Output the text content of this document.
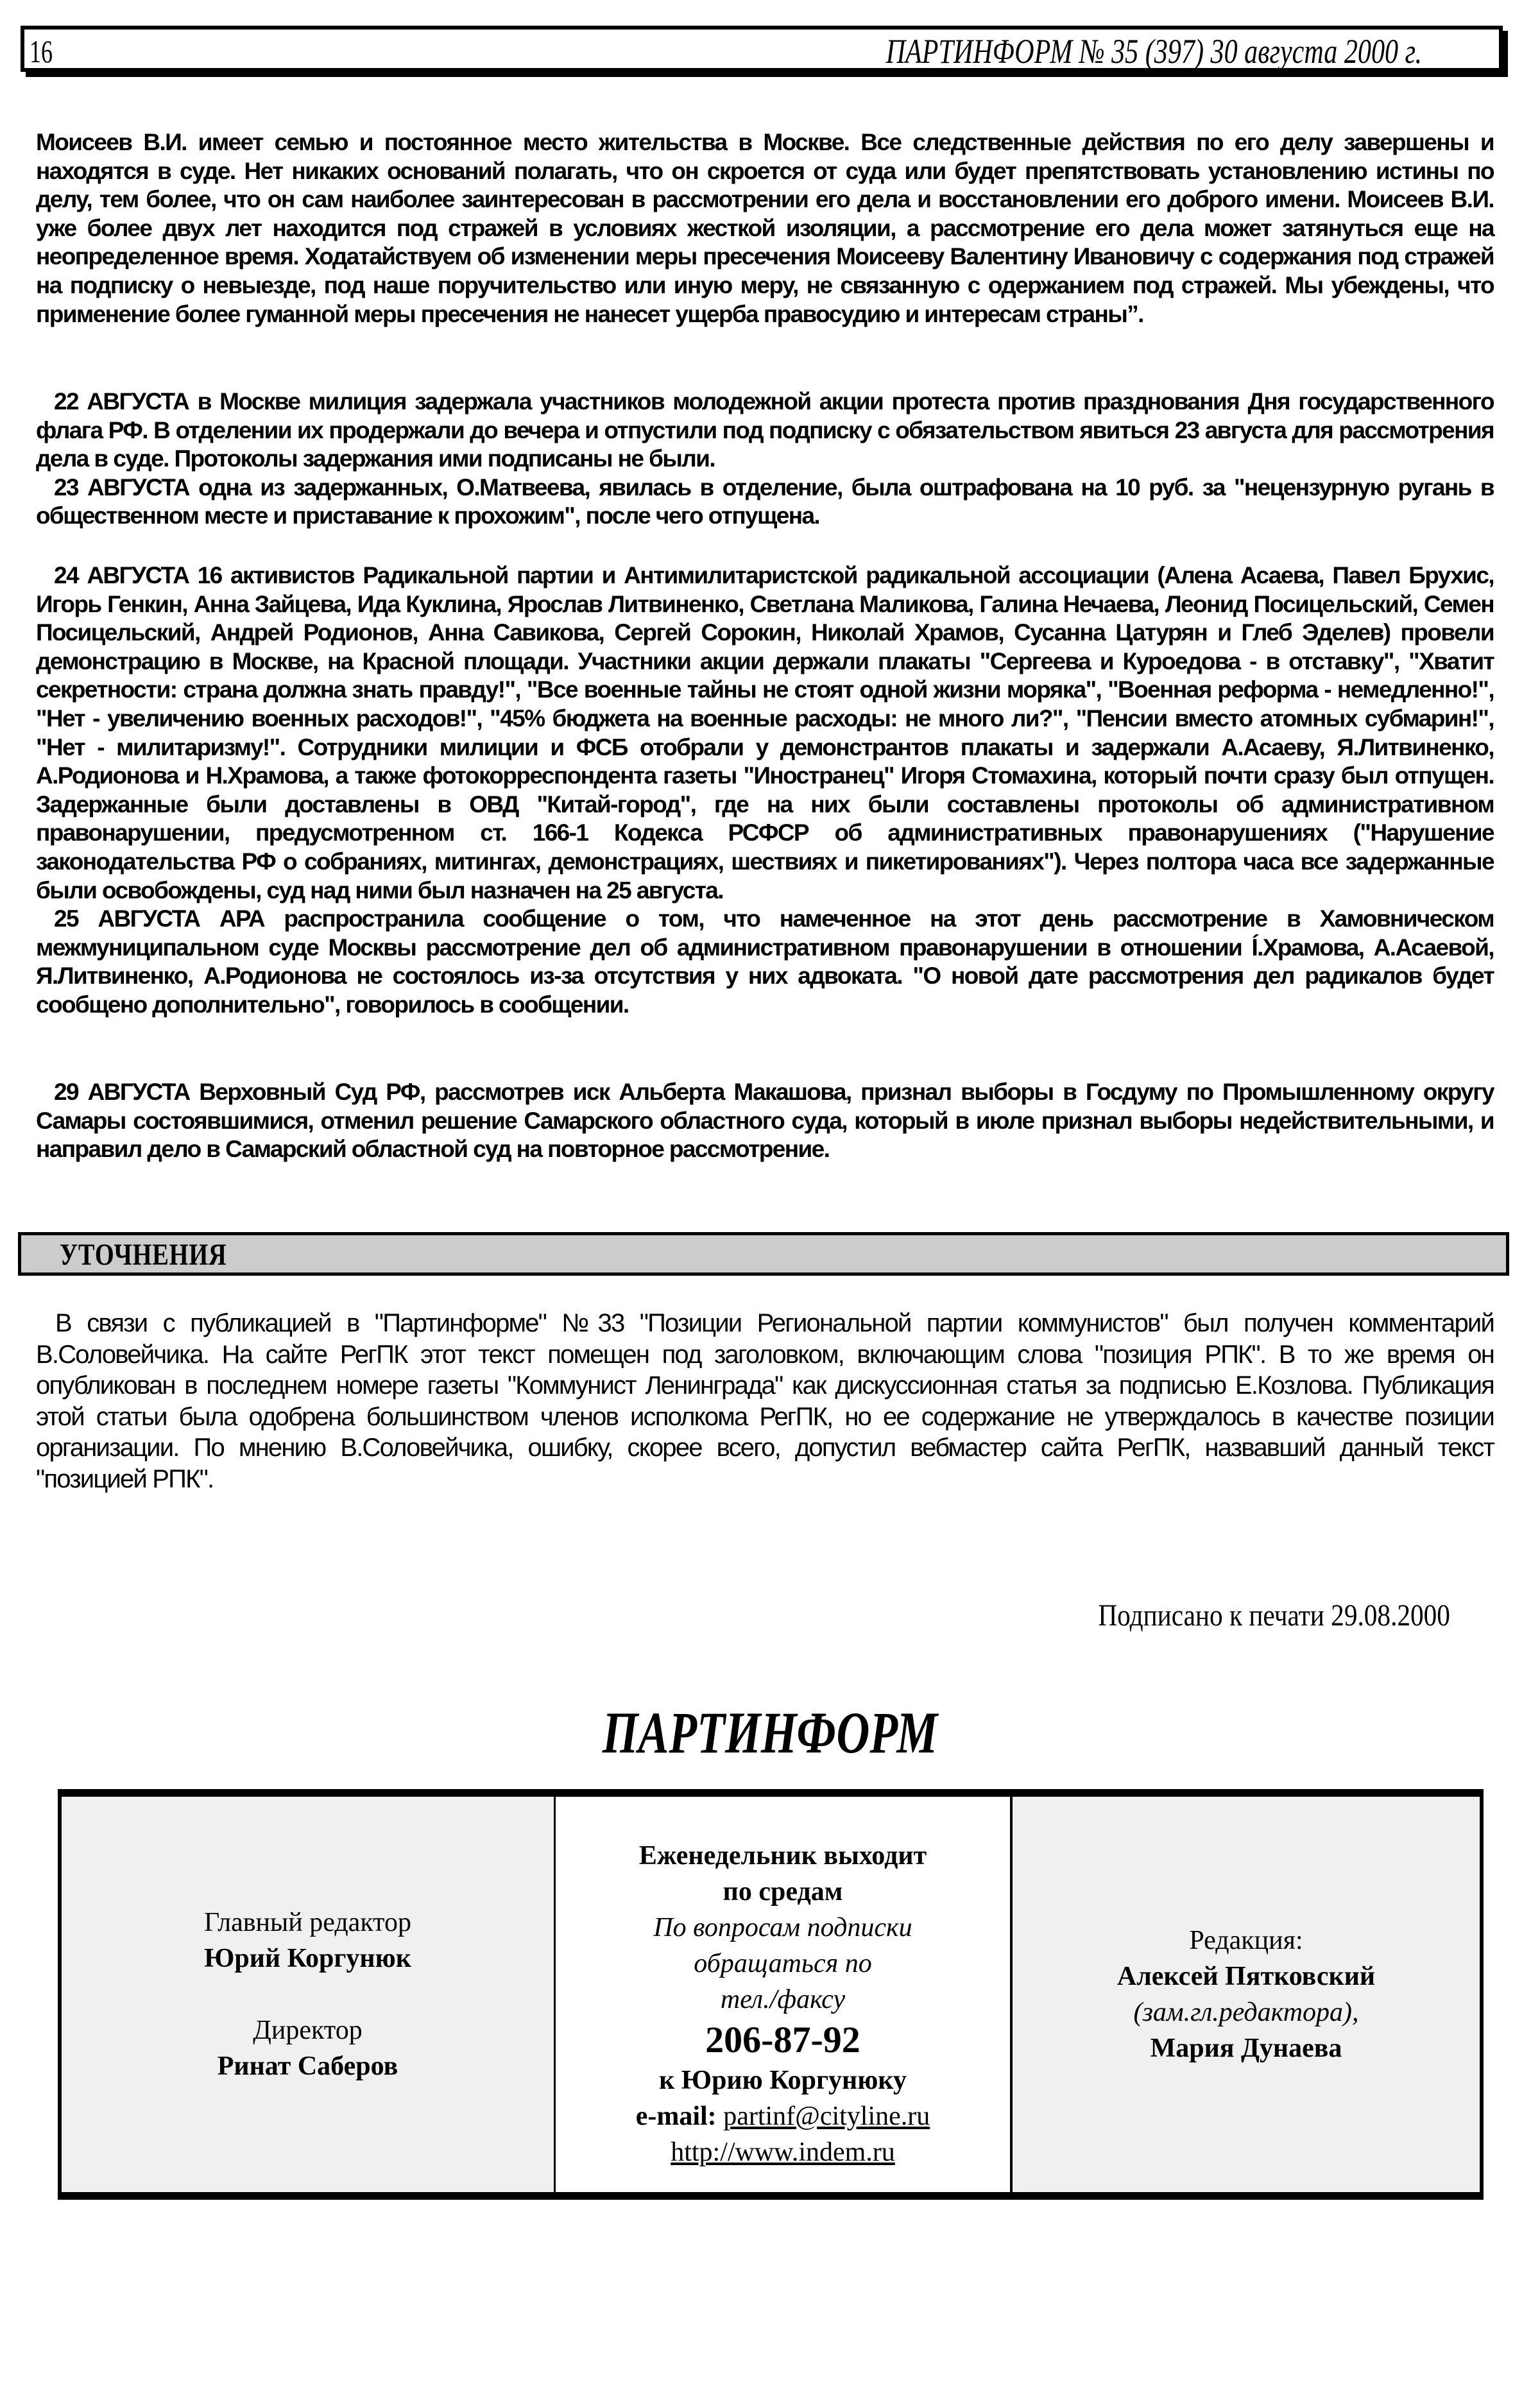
16	ПАРТИНФОРМ № 35 (397) 30 августа 2000 г.

Моисеев В.И. имеет семью и постоянное место жительства в Москве. Все следственные действия по его делу завершены и находятся в суде. Нет никаких оснований полагать, что он скроется от суда или будет препятствовать установлению истины по делу, тем более, что он сам наиболее заинтересован в рассмотрении его дела и восстановлении его доброго имени. Моисеев В.И. уже более двух лет находится под стражей в условиях жесткой изоляции, а рассмотрение его дела может затянуться еще на неопределенное время. Ходатайствуем об изменении меры пресечения Моисееву Валентину Ивановичу с содержания под стражей на подписку о невыезде, под наше поручительство или иную меру, не связанную с одержанием под стражей. Мы убеждены, что применение более гуманной меры пресечения не нанесет ущерба правосудию и интересам страны”.

22 АВГУСТА в Москве милиция задержала участников молодежной акции протеста против празднования Дня государственного флага РФ. В отделении их продержали до вечера и отпустили под подписку с обязательством явиться 23 августа для рассмотрения дела в суде. Протоколы задержания ими подписаны не были.

23 АВГУСТА одна из задержанных, О.Матвеева, явилась в отделение, была оштрафована на 10 руб. за "нецензурную ругань в общественном месте и приставание к прохожим", после чего отпущена.

24 АВГУСТА 16 активистов Радикальной партии и Антимилитаристской радикальной ассоциации (Алена Асаева, Павел Брухис, Игорь Генкин, Анна Зайцева, Ида Куклина, Ярослав Литвиненко, Светлана Маликова, Галина Нечаева, Леонид Посицельский, Семен Посицельский, Андрей Родионов, Анна Савикова, Сергей Сорокин, Николай Храмов, Сусанна Цатурян и Глеб Эделев) провели демонстрацию в Москве, на Красной площади. Участники акции держали плакаты "Сергеева и Куроедова - в отставку", "Хватит секретности: страна должна знать правду!", "Все военные тайны не стоят одной жизни моряка", "Военная реформа - немедленно!", "Нет - увеличению военных расходов!", "45% бюджета на военные расходы: не много ли?", "Пенсии вместо атомных субмарин!", "Нет - милитаризму!". Сотрудники милиции и ФСБ отобрали у демонстрантов плакаты и задержали А.Асаеву, Я.Литвиненко, А.Родионова и Н.Храмова, а также фотокорреспондента газеты "Иностранец" Игоря Стомахина, который почти сразу был отпущен. Задержанные были доставлены в ОВД "Китай-город", где на них были составлены протоколы об административном правонарушении, предусмотренном ст. 166-1 Кодекса РСФСР об административных правонарушениях ("Нарушение законодательства РФ о собраниях, митингах, демонстрациях, шествиях и пикетированиях"). Через полтора часа все задержанные были освобождены, суд над ними был назначен на 25 августа.

25 АВГУСТА АРА распространила сообщение о том, что намеченное на этот день рассмотрение в Хамовническом межмуниципальном суде Москвы рассмотрение дел об административном правонарушении в отношении Í.Храмова, А.Асаевой, Я.Литвиненко, А.Родионова не состоялось из-за отсутствия у них адвоката. "О новой дате рассмотрения дел радикалов будет сообщено дополнительно", говорилось в сообщении.

29 АВГУСТА Верховный Суд РФ, рассмотрев иск Альберта Макашова, признал выборы в Госдуму по Промышленному округу Самары состоявшимися, отменил решение Самарского областного суда, который в июле признал выборы недействительными, и направил дело в Самарский областной суд на повторное рассмотрение.

УТОЧНЕНИЯ

В связи с публикацией в "Партинформе" №33 "Позиции Региональной партии коммунистов" был получен комментарий В.Соловейчика. На сайте РегПК этот текст помещен под заголовком, включающим слова "позиция РПК". В то же время он опубликован в последнем номере газеты "Коммунист Ленинграда" как дискуссионная статья за подписью Е.Козлова. Публикация этой статьи была одобрена большинством членов исполкома РегПК, но ее содержание не утверждалось в качестве позиции организации. По мнению В.Соловейчика, ошибку, скорее всего, допустил вебмастер сайта РегПК, назвавший данный текст "позицией РПК".

Подписано к печати 29.08.2000
ПАРТИНФОРМ
Главный редактор
Юрий Коргунюк
Директор
Ринат Саберов
Еженедельник выходит
по средам
По вопросам подписки
обращаться по
тел./факсу
206-87-92
к Юрию Коргунюку
e-mail: partinf@cityline.ru
http://www.indem.ru
Редакция:
Алексей Пятковский
(зам.гл.редактора),
Мария Дунаева
